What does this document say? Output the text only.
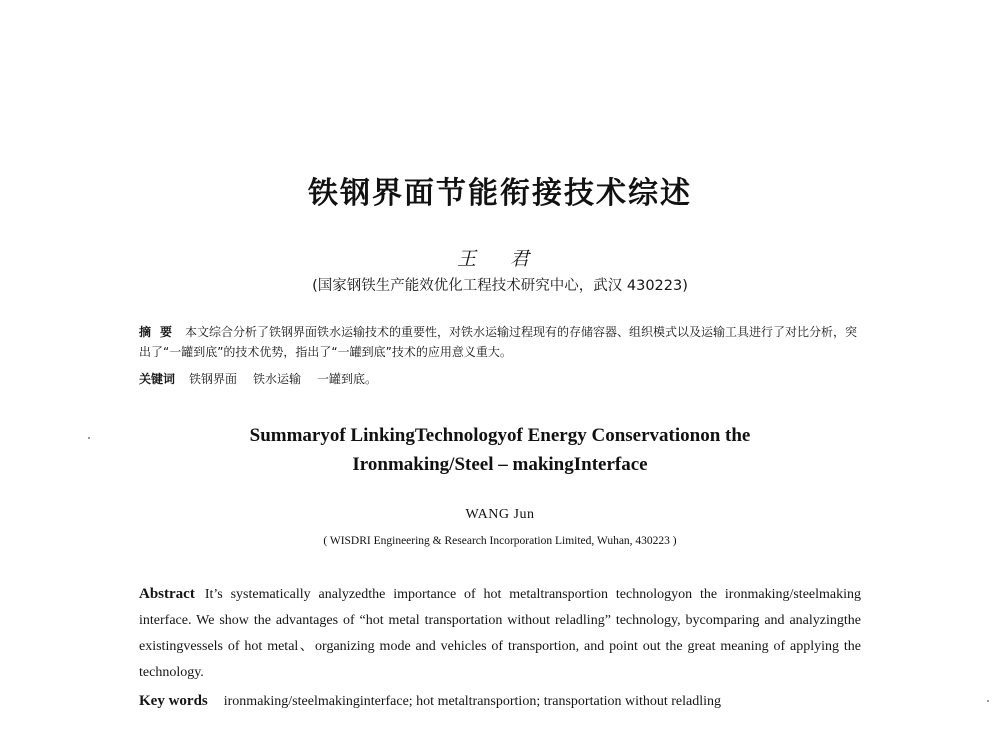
铁钢界面节能衔接技术综述
王 君
(国家钢铁生产能效优化工程技术研究中心，武汉 430223)
摘要 本文综合分析了铁钢界面铁水运输技术的重要性，对铁水运输过程现有的存储容器、组织模式以及运输工具进行了对比分析，突出了“一罐到底”的技术优势，指出了“一罐到底”技术的应用意义重大。
关键词 铁钢界面 铁水运输 一罐到底。
Summaryof LinkingTechnologyof Energy Conservationon the
Ironmaking/Steel – makingInterface
WANG Jun
( WISDRI Engineering & Research Incorporation Limited, Wuhan, 430223 )
Abstract It’s systematically analyzedthe importance of hot metaltransportion technologyon the ironmaking/steelmaking interface. We show the advantages of “hot metal transportation without reladling” technology, bycomparing and analyzingthe existingvessels of hot metal、organizing mode and vehicles of transportion, and point out the great meaning of applying the technology.
Key words ironmaking/steelmakinginterface; hot metaltransportion; transportation without reladling
